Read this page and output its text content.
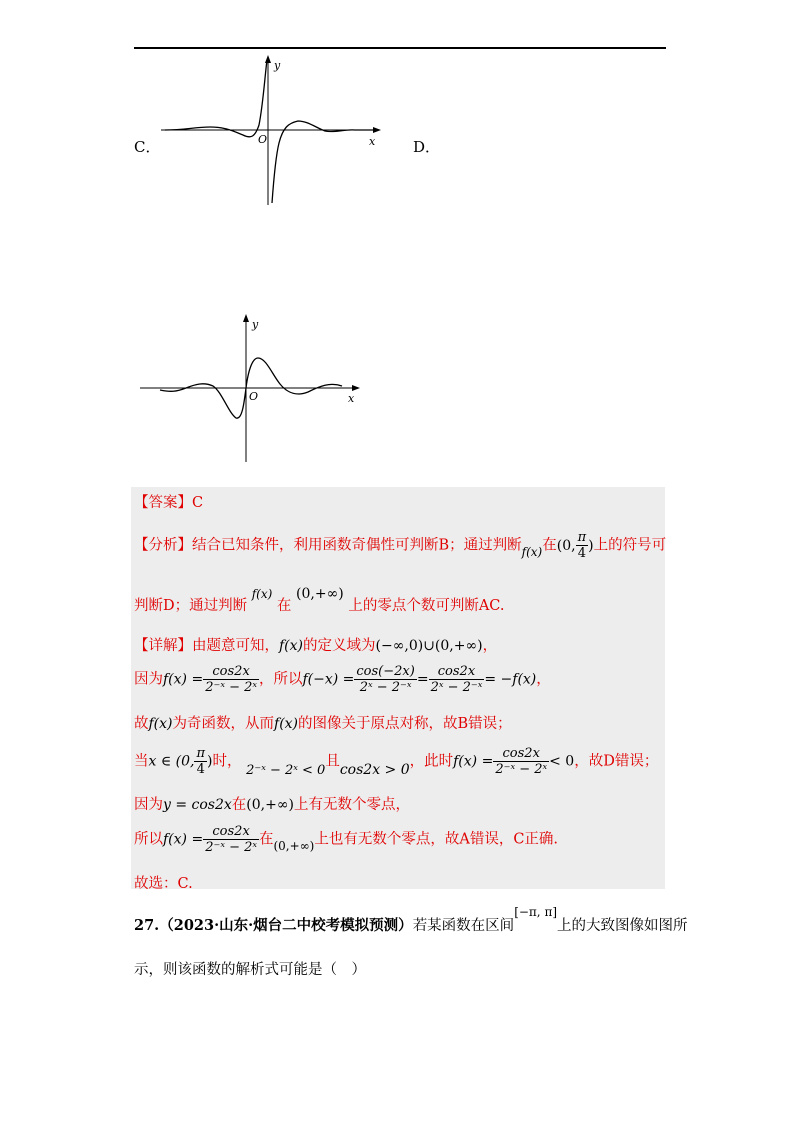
C．
y
x
O	D．
y
x
O
【答案】C
【分析】结合已知条件，利用函数奇偶性可判断B；通过判断$_{f(x)}$在(0, $\frac{\pi}{4}$ )上的符号可
判断D；通过判断 $^{f(x)}$ 在 (0,+∞) 上的零点个数可判断AC.
【详解】由题意可知，f(x)的定义域为(−∞,0)∪(0,+∞)，
因为$f(x) = \frac{\cos 2x}{\text{2⁻ˣ − 2ˣ}}$ ，所以$f(-x) = \frac{\cos(-2x)}{\text{2ˣ − 2⁻ˣ}} = \frac{\cos 2x}{\text{2ˣ − 2⁻ˣ}} = -f(x)$，
故f(x)为奇函数，从而f(x)的图像关于原点对称，故B错误；
当x ∈ (0, $\frac{\pi}{4}$ )时， 2⁻ˣ − 2ˣ < 0且cos2x > 0，此时$f(x) = \frac{\cos 2x}{\text{2⁻ˣ − 2ˣ}} < 0$，故D错误；
因为y = cos2x在(0,+∞)上有无数个零点，
所以$f(x) = \frac{\cos 2x}{\text{2⁻ˣ − 2ˣ}}$ 在$_{(0,+\infty)}$上也有无数个零点，故A错误，C正确.
故选：C.
27.（2023·山东·烟台二中校考模拟预测）若某函数在区间[−π, π]上的大致图像如图所
示，则该函数的解析式可能是（　）
